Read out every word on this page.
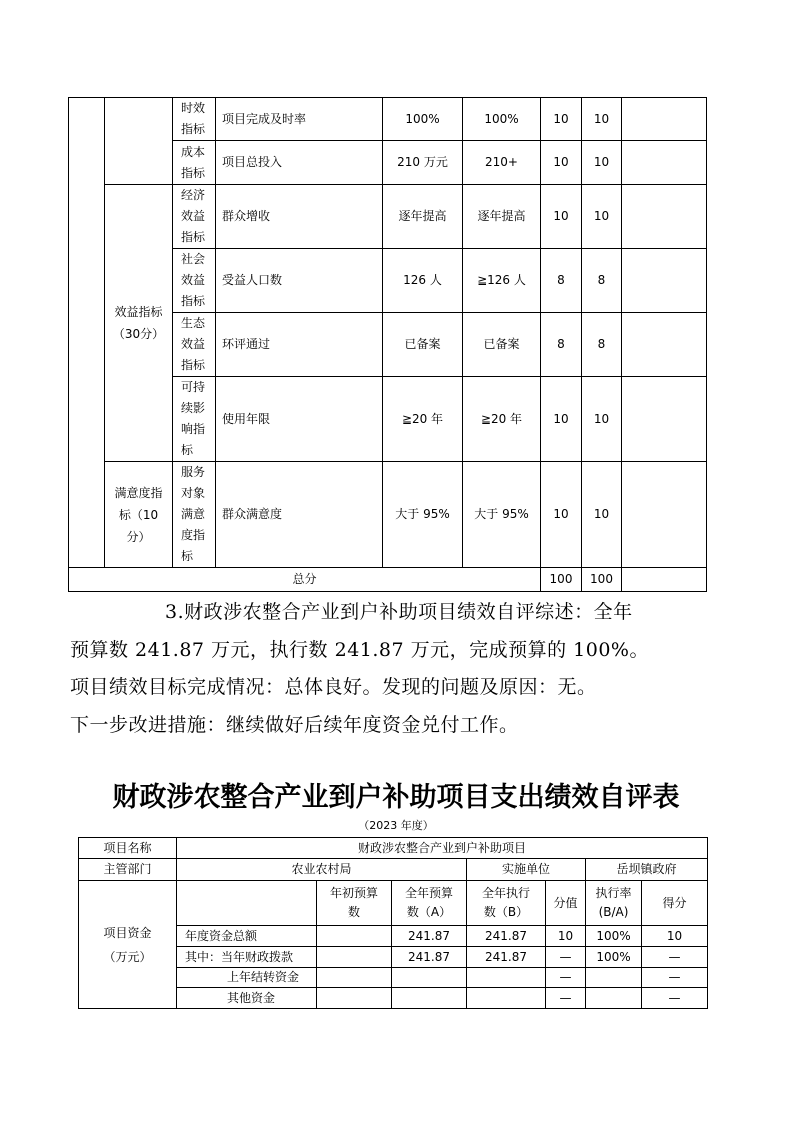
		时效指标	项目完成及时率	100%	100%	10	10	

		成本指标	项目总投入	210 万元	210+	10	10	

	效益指标（30分）	经济效益指标	群众增收	逐年提高	逐年提高	10	10	

		社会效益指标	受益人口数	126 人	≧126 人	8	8	

		生态效益指标	环评通过	已备案	已备案	8	8	

		可持续影响指标	使用年限	≧20 年	≧20 年	10	10	

	满意度指标（10分）	服务对象满意度指标	群众满意度	大于 95%	大于 95%	10	10	
总分						100	100	

3.财政涉农整合产业到户补助项目绩效自评综述：全年

预算数 241.87 万元，执行数 241.87 万元，完成预算的 100%。

项目绩效目标完成情况：总体良好。发现的问题及原因：无。

下一步改进措施：继续做好后续年度资金兑付工作。

财政涉农整合产业到户补助项目支出绩效自评表
（2023 年度）
项目名称	财政涉农整合产业到户补助项目						
主管部门	农业农村局			实施单位		岳坝镇政府	

项目资金（万元）		年初预算数	全年预算数（A）	全年执行数（B）	分值	执行率(B/A)	得分
	年度资金总额		241.87	241.87	10	100%	10
	其中：当年财政拨款		241.87	241.87	—	100%	—
	上年结转资金				—		—
	其他资金				—		—
